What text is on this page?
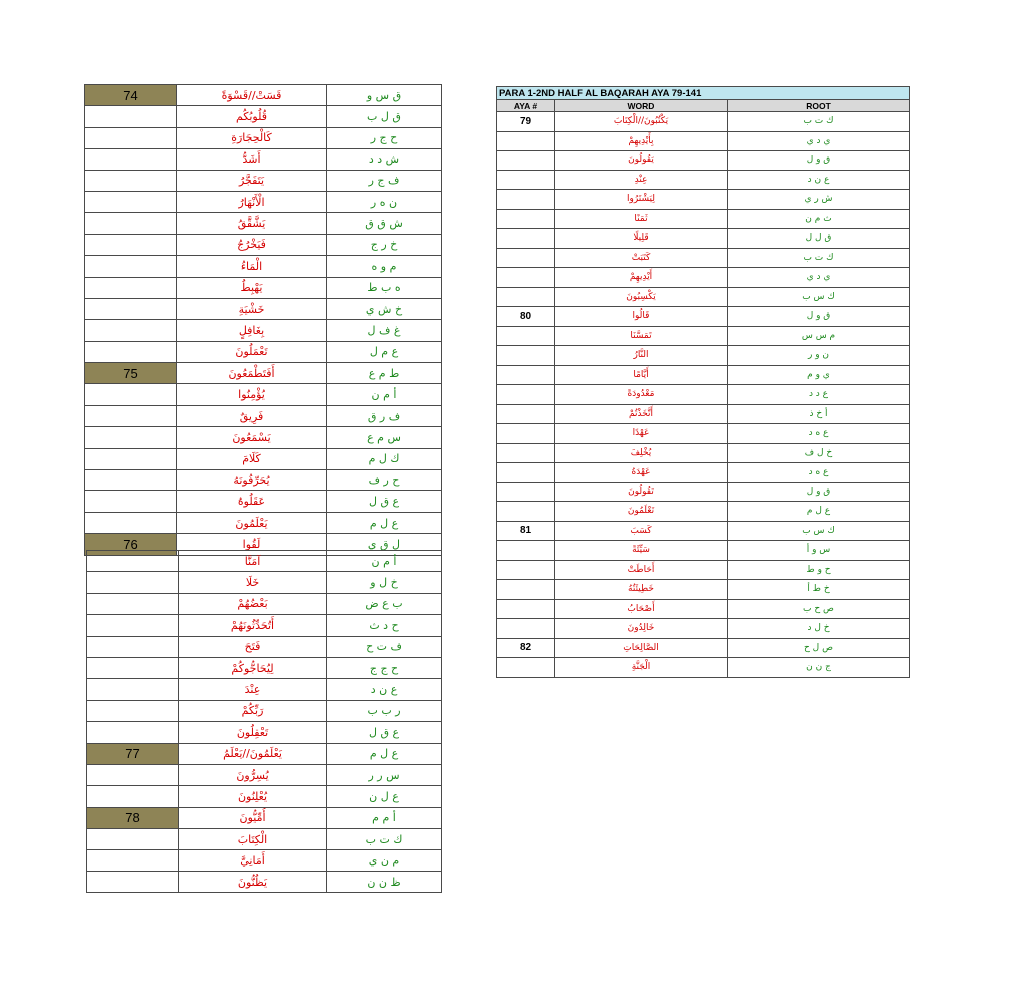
74	قَسَتْ//قَسْوَةً	ق س و
	قُلُوبُكُم	ق ل ب
	كَالْحِجَارَةِ	ح ج ر
	أَشَدُّ	ش د د
	يَتَفَجَّرُ	ف ج ر
	الْأَنْهَارُ	ن ه ر
	يَشَّقَّقُ	ش ق ق
	فَيَخْرُجُ	خ ر ج
	الْمَاءُ	م و ه
	يَهْبِطُ	ه ب ط
	خَشْيَةِ	خ ش ي
	بِغَافِلٍ	غ ف ل
	تَعْمَلُونَ	ع م ل
75	أَفَتَطْمَعُونَ	ط م ع
	يُؤْمِنُوا	أ م ن
	فَرِيقٌ	ف ر ق
	يَسْمَعُونَ	س م ع
	كَلَامَ	ك ل م
	يُحَرِّفُونَهُ	ح ر ف
	عَقَلُوهُ	ع ق ل
	يَعْلَمُونَ	ع ل م
76	لَقُوا	ل ق ي
	آمَنَّا	أ م ن
	خَلَا	خ ل و
	بَعْضُهُمْ	ب ع ض
	أَتُحَدِّثُونَهُمْ	ح د ث
	فَتَحَ	ف ت ح
	لِيُحَاجُّوكُمْ	ح ج ج
	عِنْدَ	ع ن د
	رَبِّكُمْ	ر ب ب
	تَعْقِلُونَ	ع ق ل
77	يَعْلَمُونَ//يَعْلَمُ	ع ل م
	يُسِرُّونَ	س ر ر
	يُعْلِنُونَ	ع ل ن
78	أُمِّيُّونَ	أ م م
	الْكِتَابَ	ك ت ب
	أَمَانِيَّ	م ن ي
	يَظُنُّونَ	ظ ن ن
PARA 1-2ND HALF AL BAQARAH AYA 79-141		
AYA #	WORD	ROOT
79	يَكْتُبُونَ//الْكِتَابَ	ك ت ب
	بِأَيْدِيهِمْ	ي د ي
	يَقُولُونَ	ق و ل
	عِنْدِ	ع ن د
	لِيَشْتَرُوا	ش ر ي
	ثَمَنًا	ث م ن
	قَلِيلًا	ق ل ل
	كَتَبَتْ	ك ت ب
	أَيْدِيهِمْ	ي د ي
	يَكْسِبُونَ	ك س ب
80	قَالُوا	ق و ل
	تَمَسَّنَا	م س س
	النَّارُ	ن و ر
	أَيَّامًا	ي و م
	مَعْدُودَةً	ع د د
	أَتَّخَذْتُمْ	أ خ ذ
	عَهْدًا	ع ه د
	يُخْلِفَ	خ ل ف
	عَهْدَهُ	ع ه د
	تَقُولُونَ	ق و ل
	تَعْلَمُونَ	ع ل م
81	كَسَبَ	ك س ب
	سَيِّئَةً	س و أ
	أَحَاطَتْ	ح و ط
	خَطِيئَتُهُ	خ ط أ
	أَصْحَابُ	ص ح ب
	خَالِدُونَ	خ ل د
82	الصَّالِحَاتِ	ص ل ح
	الْجَنَّةِ	ج ن ن
